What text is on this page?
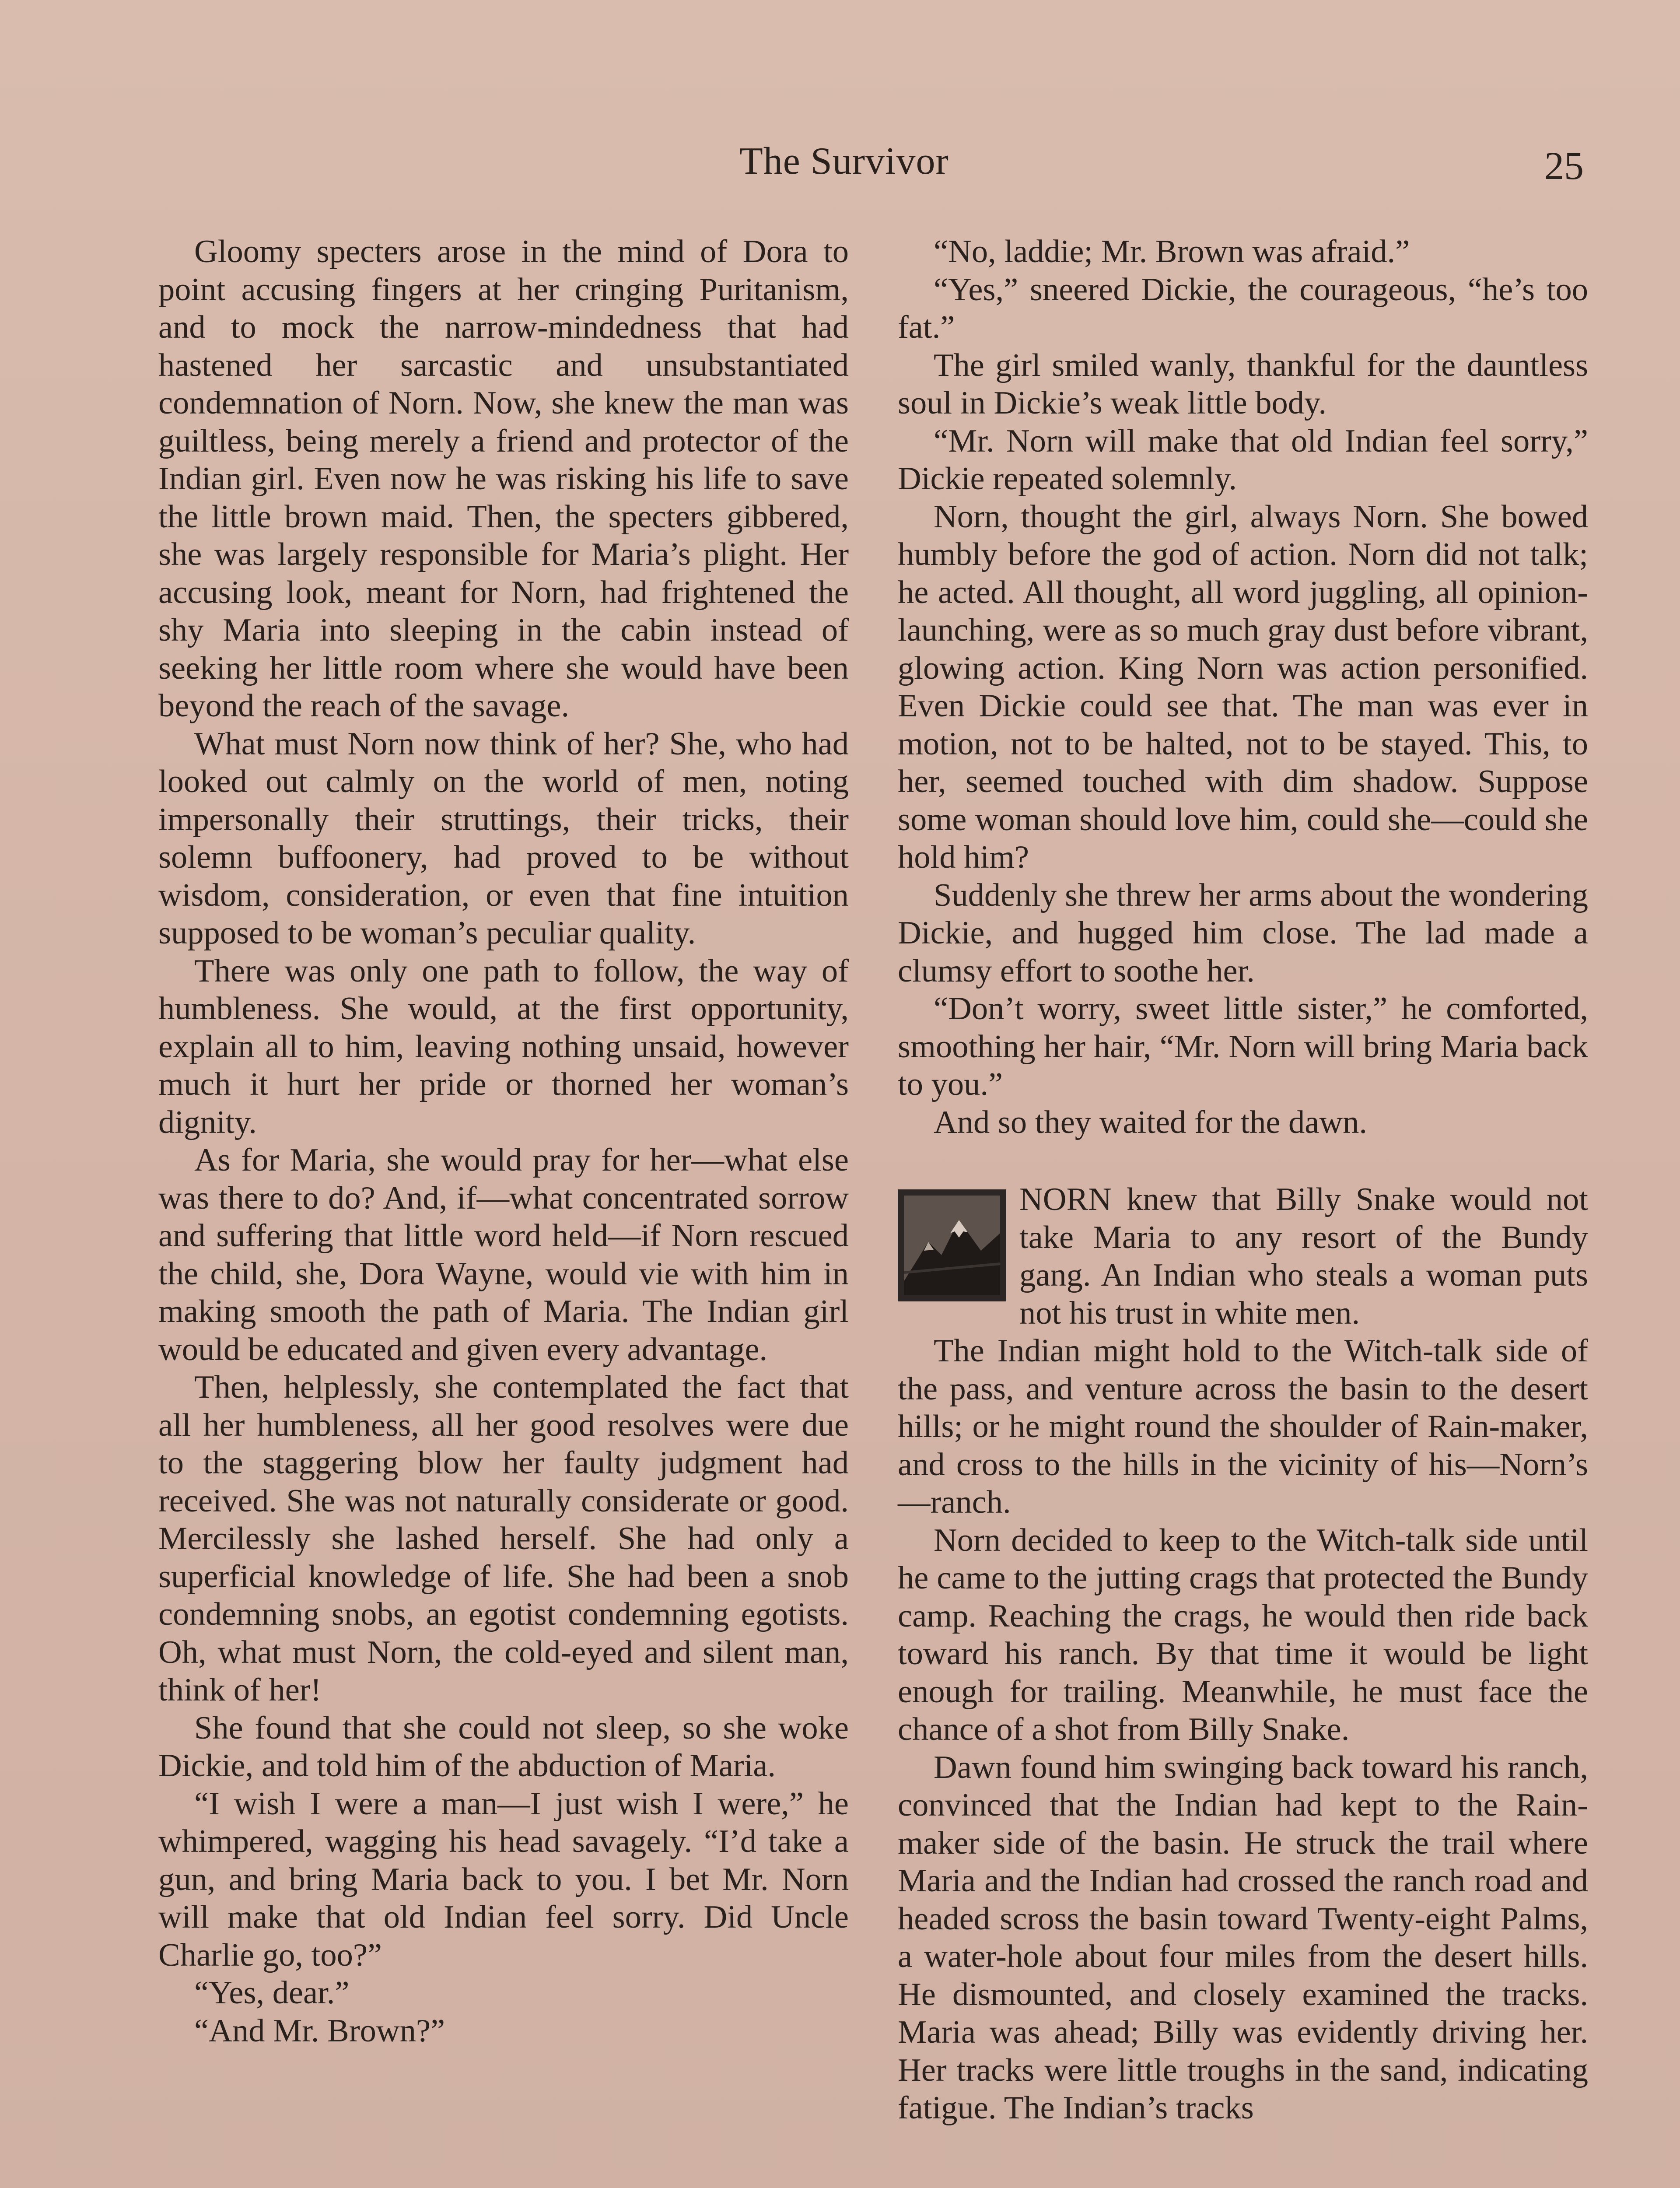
The Survivor	25

Gloomy specters arose in the mind of Dora to point accusing fingers at her cringing Puritanism, and to mock the narrow-mindedness that had hastened her sarcastic and unsubstantiated condemnation of Norn. Now, she knew the man was guiltless, being merely a friend and protector of the Indian girl. Even now he was risking his life to save the little brown maid. Then, the specters gibbered, she was largely responsible for Maria’s plight. Her accusing look, meant for Norn, had frightened the shy Maria into sleeping in the cabin instead of seeking her little room where she would have been beyond the reach of the savage.

What must Norn now think of her? She, who had looked out calmly on the world of men, noting impersonally their struttings, their tricks, their solemn buffoonery, had proved to be without wisdom, consideration, or even that fine intuition supposed to be woman’s peculiar quality.

There was only one path to follow, the way of humbleness. She would, at the first opportunity, explain all to him, leaving nothing unsaid, however much it hurt her pride or thorned her woman’s dignity.

As for Maria, she would pray for her—what else was there to do? And, if—what concentrated sorrow and suffering that little word held—if Norn rescued the child, she, Dora Wayne, would vie with him in making smooth the path of Maria. The Indian girl would be educated and given every advantage.

Then, helplessly, she contemplated the fact that all her humbleness, all her good resolves were due to the staggering blow her faulty judgment had received. She was not naturally considerate or good. Mercilessly she lashed herself. She had only a superficial knowledge of life. She had been a snob condemning snobs, an egotist condemning egotists. Oh, what must Norn, the cold-eyed and silent man, think of her!

She found that she could not sleep, so she woke Dickie, and told him of the abduction of Maria.

“I wish I were a man—I just wish I were,” he whimpered, wagging his head savagely. “I’d take a gun, and bring Maria back to you. I bet Mr. Norn will make that old Indian feel sorry. Did Uncle Charlie go, too?”

“Yes, dear.”

“And Mr. Brown?”

“No, laddie; Mr. Brown was afraid.”

“Yes,” sneered Dickie, the courageous, “he’s too fat.”

The girl smiled wanly, thankful for the dauntless soul in Dickie’s weak little body.

“Mr. Norn will make that old Indian feel sorry,” Dickie repeated solemnly.

Norn, thought the girl, always Norn. She bowed humbly before the god of action. Norn did not talk; he acted. All thought, all word juggling, all opinion-launching, were as so much gray dust before vibrant, glowing action. King Norn was action personified. Even Dickie could see that. The man was ever in motion, not to be halted, not to be stayed. This, to her, seemed touched with dim shadow. Suppose some woman should love him, could she—could she hold him?

Suddenly she threw her arms about the wondering Dickie, and hugged him close. The lad made a clumsy effort to soothe her.

“Don’t worry, sweet little sister,” he comforted, smoothing her hair, “Mr. Norn will bring Maria back to you.”

And so they waited for the dawn.

NORN knew that Billy Snake would not take Maria to any resort of the Bundy gang. An Indian who steals a woman puts not his trust in white men.

The Indian might hold to the Witch-talk side of the pass, and venture across the basin to the desert hills; or he might round the shoulder of Rain-maker, and cross to the hills in the vicinity of his—Norn’s—ranch.

Norn decided to keep to the Witch-talk side until he came to the jutting crags that protected the Bundy camp. Reaching the crags, he would then ride back toward his ranch. By that time it would be light enough for trailing. Meanwhile, he must face the chance of a shot from Billy Snake.

Dawn found him swinging back toward his ranch, convinced that the Indian had kept to the Rain-maker side of the basin. He struck the trail where Maria and the Indian had crossed the ranch road and headed scross the basin toward Twenty-eight Palms, a water-hole about four miles from the desert hills. He dismounted, and closely examined the tracks. Maria was ahead; Billy was evidently driving her. Her tracks were little troughs in the sand, indicating fatigue. The Indian’s tracks
